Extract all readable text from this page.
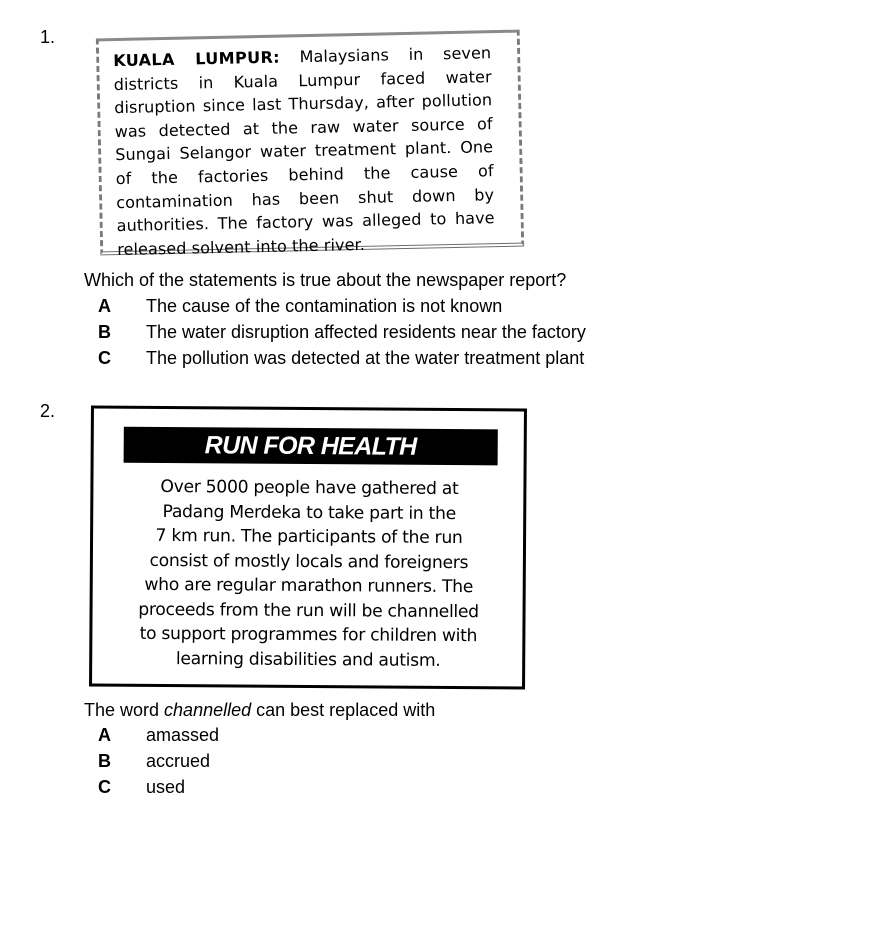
1.
KUALA LUMPUR: Malaysians in seven districts in Kuala Lumpur faced water disruption since last Thursday, after pollution was detected at the raw water source of Sungai Selangor water treatment plant. One of the factories behind the cause of contamination has been shut down by authorities. The factory was alleged to have released solvent into the river.
Which of the statements is true about the newspaper report?
A The cause of the contamination is not known
B The water disruption affected residents near the factory
C The pollution was detected at the water treatment plant
2.
RUN FOR HEALTH
Over 5000 people have gathered at
Padang Merdeka to take part in the
7 km run. The participants of the run
consist of mostly locals and foreigners
who are regular marathon runners. The
proceeds from the run will be channelled
to support programmes for children with
learning disabilities and autism.
The word channelled can best replaced with
A amassed
B accrued
C used
